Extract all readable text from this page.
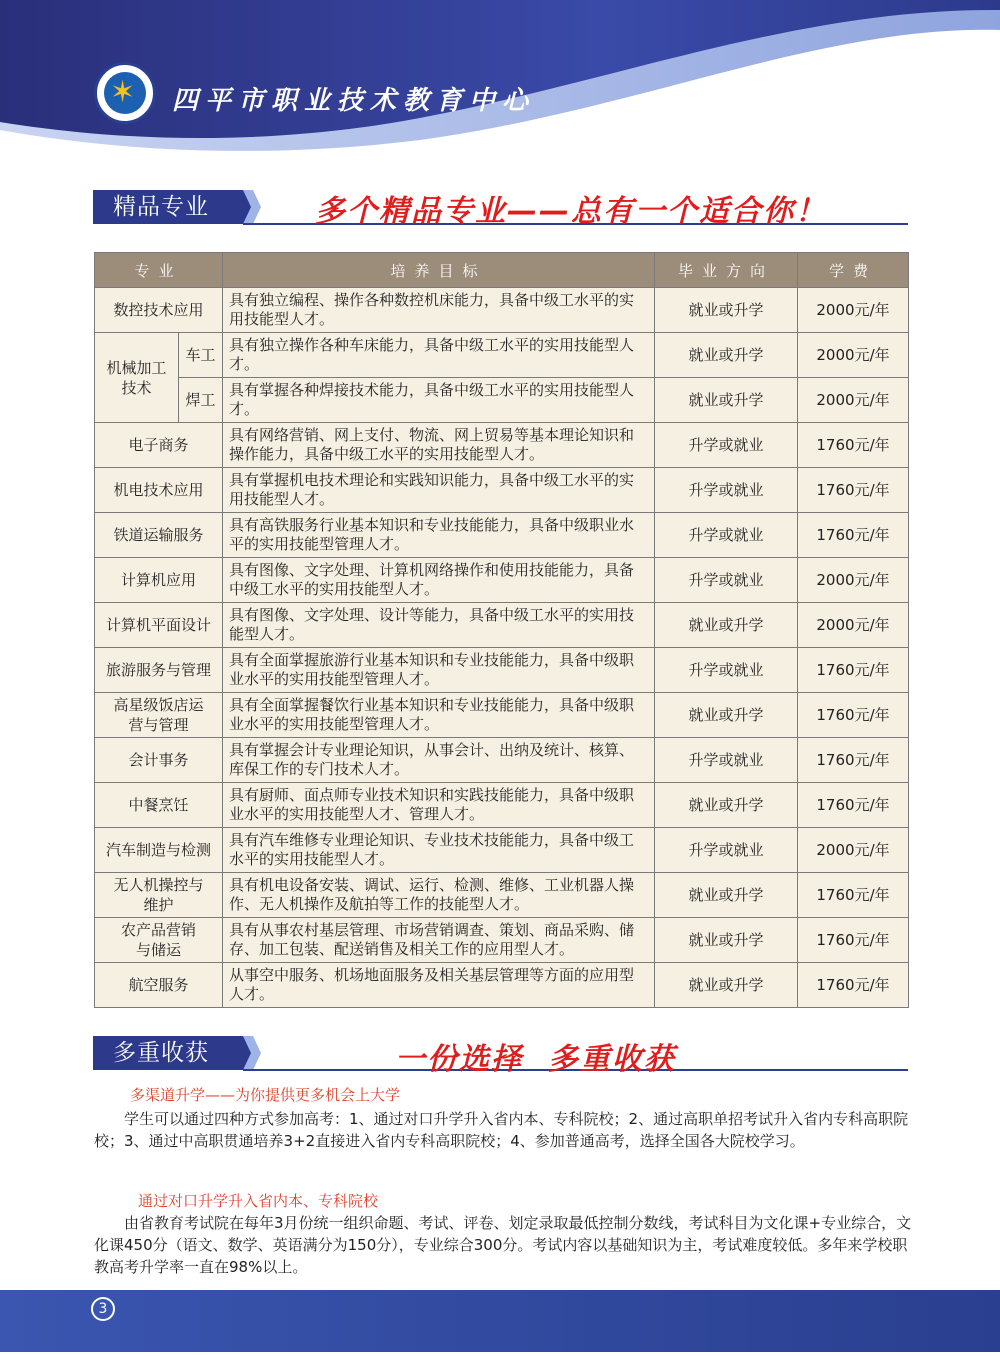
✶ 四平市职业技术教育中心
精品专业	多个精品专业——总有一个适合你！
专业		培养目标	毕业方向	学费
数控技术应用		具有独立编程、操作各种数控机床能力，具备中级工水平的实用技能型人才。	就业或升学	2000元/年
机械加工技术	车工	具有独立操作各种车床能力，具备中级工水平的实用技能型人才。	就业或升学	2000元/年
	焊工	具有掌握各种焊接技术能力，具备中级工水平的实用技能型人才。	就业或升学	2000元/年
电子商务		具有网络营销、网上支付、物流、网上贸易等基本理论知识和操作能力，具备中级工水平的实用技能型人才。	升学或就业	1760元/年
机电技术应用		具有掌握机电技术理论和实践知识能力，具备中级工水平的实用技能型人才。	升学或就业	1760元/年
铁道运输服务		具有高铁服务行业基本知识和专业技能能力，具备中级职业水平的实用技能型管理人才。	升学或就业	1760元/年
计算机应用		具有图像、文字处理、计算机网络操作和使用技能能力，具备中级工水平的实用技能型人才。	升学或就业	2000元/年
计算机平面设计		具有图像、文字处理、设计等能力，具备中级工水平的实用技能型人才。	就业或升学	2000元/年
旅游服务与管理		具有全面掌握旅游行业基本知识和专业技能能力，具备中级职业水平的实用技能型管理人才。	升学或就业	1760元/年
高星级饭店运营与管理		具有全面掌握餐饮行业基本知识和专业技能能力，具备中级职业水平的实用技能型管理人才。	就业或升学	1760元/年
会计事务		具有掌握会计专业理论知识，从事会计、出纳及统计、核算、库保工作的专门技术人才。	升学或就业	1760元/年
中餐烹饪		具有厨师、面点师专业技术知识和实践技能能力，具备中级职业水平的实用技能型人才、管理人才。	就业或升学	1760元/年
汽车制造与检测		具有汽车维修专业理论知识、专业技术技能能力，具备中级工水平的实用技能型人才。	升学或就业	2000元/年
无人机操控与维护		具有机电设备安装、调试、运行、检测、维修、工业机器人操作、无人机操作及航拍等工作的技能型人才。	就业或升学	1760元/年
农产品营销与储运		具有从事农村基层管理、市场营销调查、策划、商品采购、储存、加工包装、配送销售及相关工作的应用型人才。	就业或升学	1760元/年
航空服务		从事空中服务、机场地面服务及相关基层管理等方面的应用型人才。	就业或升学	1760元/年
多重收获	一份选择  多重收获
多渠道升学——为你提供更多机会上大学
学生可以通过四种方式参加高考：1、通过对口升学升入省内本、专科院校；2、通过高职单招考试升入省内专科高职院校；3、通过中高职贯通培养3+2直接进入省内专科高职院校；4、参加普通高考，选择全国各大院校学习。
通过对口升学升入省内本、专科院校
由省教育考试院在每年3月份统一组织命题、考试、评卷、划定录取最低控制分数线，考试科目为文化课+专业综合，文化课450分（语文、数学、英语满分为150分），专业综合300分。考试内容以基础知识为主，考试难度较低。多年来学校职教高考升学率一直在98%以上。
3
